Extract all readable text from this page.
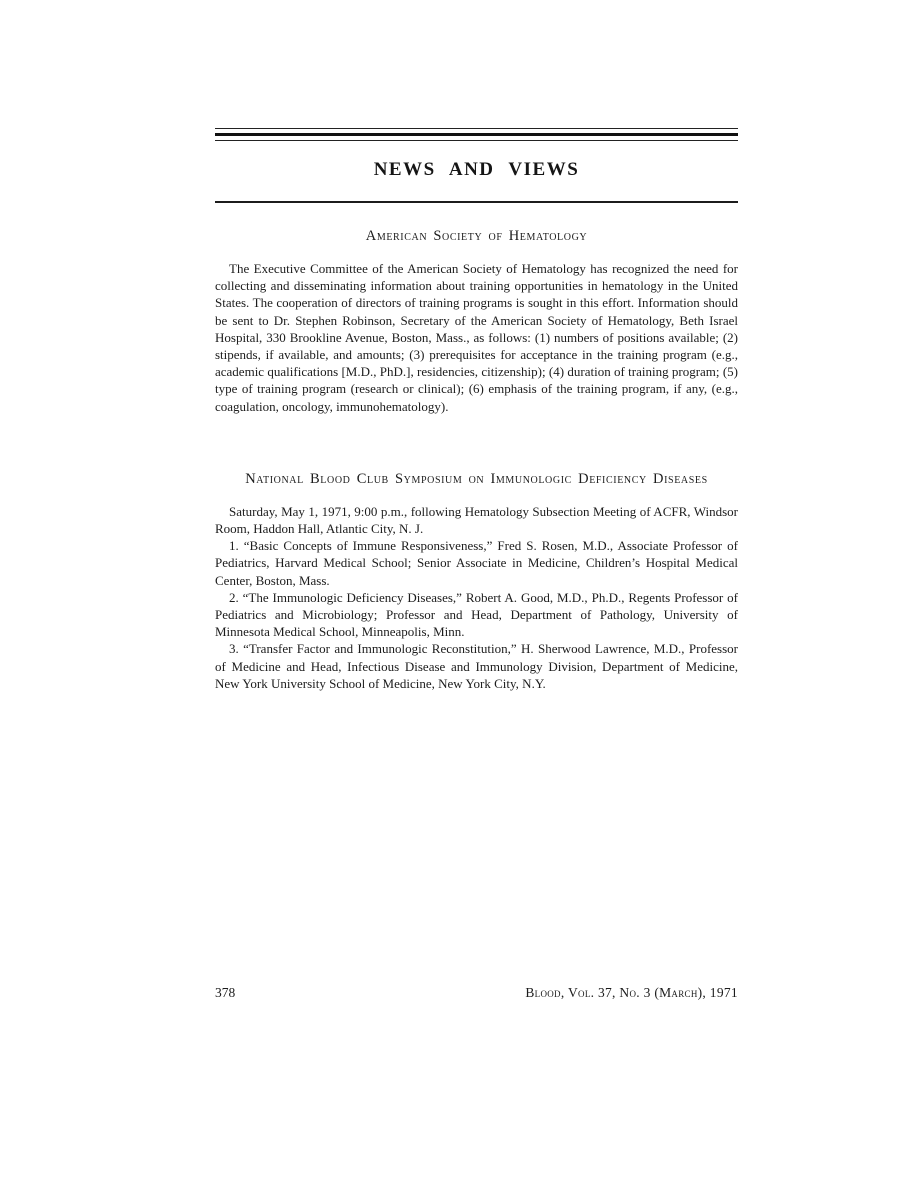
NEWS AND VIEWS
American Society of Hematology

The Executive Committee of the American Society of Hematology has recognized the need for collecting and disseminating information about training opportunities in hematology in the United States. The cooperation of directors of training programs is sought in this effort. Information should be sent to Dr. Stephen Robinson, Secretary of the American Society of Hematology, Beth Israel Hospital, 330 Brookline Avenue, Boston, Mass., as follows: (1) numbers of positions available; (2) stipends, if available, and amounts; (3) prerequisites for acceptance in the training program (e.g., academic qualifications [M.D., PhD.], residencies, citizenship); (4) duration of training program; (5) type of training program (research or clinical); (6) emphasis of the training program, if any, (e.g., coagulation, oncology, immunohematology).

National Blood Club Symposium on Immunologic Deficiency Diseases

Saturday, May 1, 1971, 9:00 p.m., following Hematology Subsection Meeting of ACFR, Windsor Room, Haddon Hall, Atlantic City, N. J.

1. “Basic Concepts of Immune Responsiveness,” Fred S. Rosen, M.D., Associate Professor of Pediatrics, Harvard Medical School; Senior Associate in Medicine, Children’s Hospital Medical Center, Boston, Mass.

2. “The Immunologic Deficiency Diseases,” Robert A. Good, M.D., Ph.D., Regents Professor of Pediatrics and Microbiology; Professor and Head, Department of Pathology, University of Minnesota Medical School, Minneapolis, Minn.

3. “Transfer Factor and Immunologic Reconstitution,” H. Sherwood Lawrence, M.D., Professor of Medicine and Head, Infectious Disease and Immunology Division, Department of Medicine, New York University School of Medicine, New York City, N.Y.

378	Blood, Vol. 37, No. 3 (March), 1971
